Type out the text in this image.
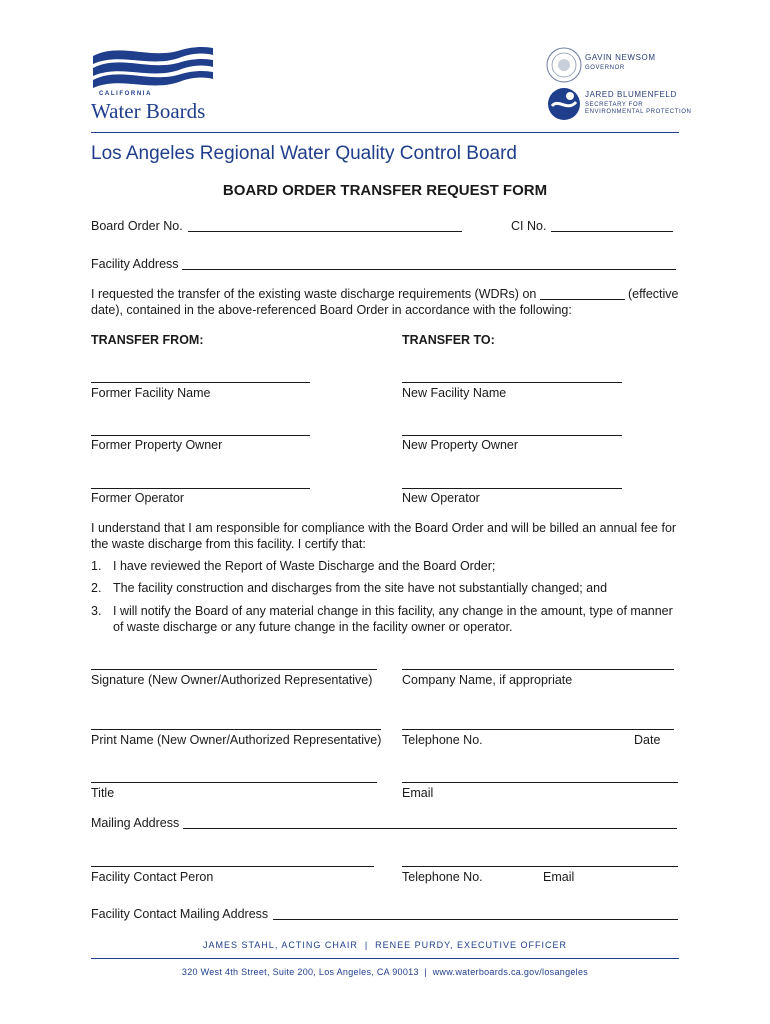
CALIFORNIA
Water Boards
GAVIN NEWSOM
GOVERNOR
JARED BLUMENFELD
SECRETARY FOR
ENVIRONMENTAL PROTECTION
Los Angeles Regional Water Quality Control Board
BOARD ORDER TRANSFER REQUEST FORM
Board Order No.	CI No.
Facility Address
I requested the transfer of the existing waste discharge requirements (WDRs) on	(effective
date), contained in the above-referenced Board Order in accordance with the following:
TRANSFER FROM:	TRANSFER TO:
Former Facility Name	New Facility Name
Former Property Owner	New Property Owner
Former Operator	New Operator
I understand that I am responsible for compliance with the Board Order and will be billed an annual fee for
the waste discharge from this facility. I certify that:
1. I have reviewed the Report of Waste Discharge and the Board Order;
2. The facility construction and discharges from the site have not substantially changed; and
3. I will notify the Board of any material change in this facility, any change in the amount, type of manner
of waste discharge or any future change in the facility owner or operator.
Signature (New Owner/Authorized Representative) Company Name, if appropriate
Print Name (New Owner/Authorized Representative) Telephone No.	Date
Title	Email
Mailing Address
Facility Contact Peron	Telephone No.	Email
Facility Contact Mailing Address
JAMES STAHL, ACTING CHAIR  |  RENEE PURDY, EXECUTIVE OFFICER
320 West 4th Street, Suite 200, Los Angeles, CA 90013  |  www.waterboards.ca.gov/losangeles
